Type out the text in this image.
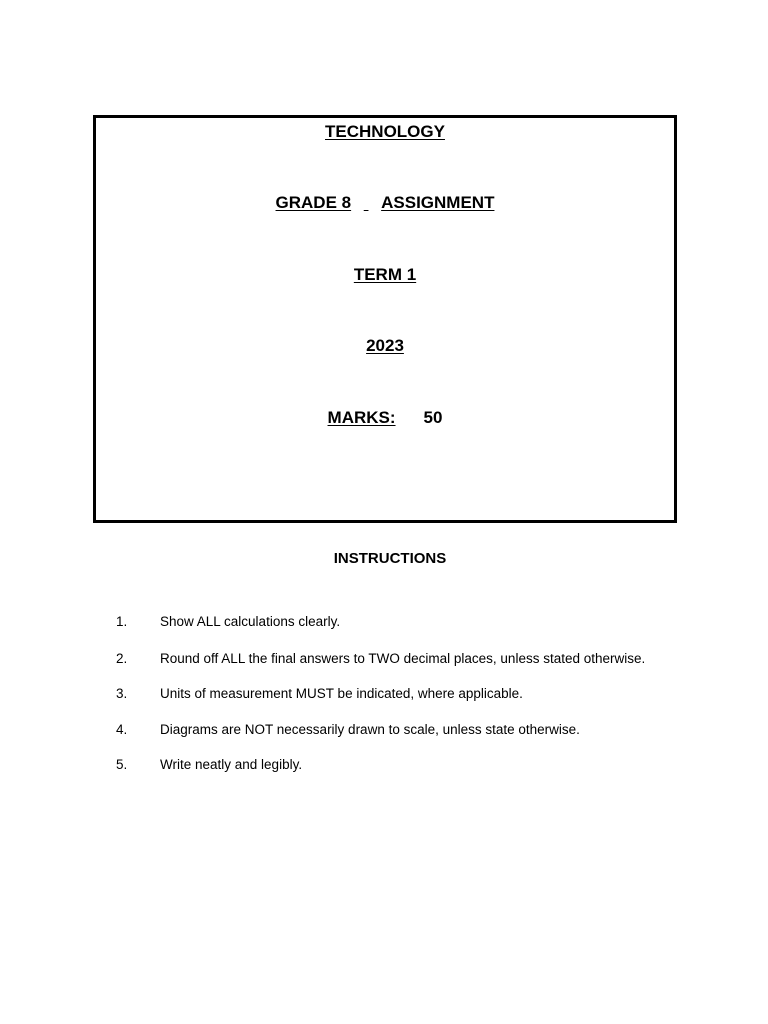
TECHNOLOGY
GRADE 8 ASSIGNMENT
TERM 1
2023
MARKS: 50
INSTRUCTIONS
1. Show ALL calculations clearly.
2. Round off ALL the final answers to TWO decimal places, unless stated otherwise.
3. Units of measurement MUST be indicated, where applicable.
4. Diagrams are NOT necessarily drawn to scale, unless state otherwise.
5. Write neatly and legibly.
